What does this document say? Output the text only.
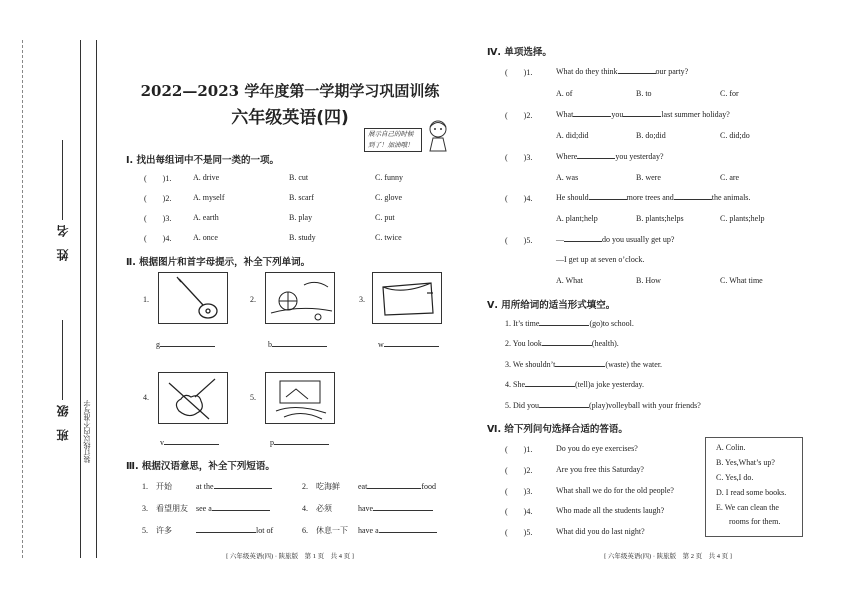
班　级
姓　名
装订线以内不准写字
2022—2023 学年度第一学期学习巩固训练
六年级英语(四)
展示自己的时候到了！加油哦！
Ⅰ. 找出每组词中不是同一类的一项。
(　　)1.	A. drive	B. cut	C. funny
(　　)2.	A. myself	B. scarf	C. glove
(　　)3.	A. earth	B. play	C. put
(　　)4.	A. once	B. study	C. twice
Ⅱ. 根据图片和首字母提示，补全下列单词。
1.
g
2.
b
3.
w
4.
v
5.
p
Ⅲ. 根据汉语意思，补全下列短语。
1. 开始	at the	2. 吃海鲜 eat	food
3. 看望朋友 see a	4. 必须	have
5. 许多	lot of	6. 休息一下 have a
[ 六年级英语(四) · 陕旅版　第 1 页　共 4 页 ]
Ⅳ. 单项选择。
(　　)1.	What do they think	our party?
A. of	B. to	C. for
(　　)2.	What	you	last summer holiday?
A. did;did	B. do;did	C. did;do
(　　)3.	Where	you yesterday?
A. was	B. were	C. are
(　　)4.	He should	more trees and	the animals.
A. plant;help	B. plants;helps	C. plants;help
(　　)5.	—	do you usually get up?
—I get up at seven o’clock.
A. What	B. How	C. What time
Ⅴ. 用所给词的适当形式填空。
1. It’s time	(go)to school.
2. You look	(health).
3. We shouldn’t	(waste) the water.
4. She	(tell)a joke yesterday.
5. Did you	(play)volleyball with your friends?
Ⅵ. 给下列问句选择合适的答语。
(　　)1.	Do you do eye exercises?
(　　)2.	Are you free this Saturday?
(　　)3.	What shall we do for the old people?
(　　)4.	Who made all the students laugh?
(　　)5.	What did you do last night?
A. Colin.
B. Yes,What’s up?
C. Yes,I do.
D. I read some books.
E. We can clean the
rooms for them.
[ 六年级英语(四) · 陕旅版　第 2 页　共 4 页 ]
